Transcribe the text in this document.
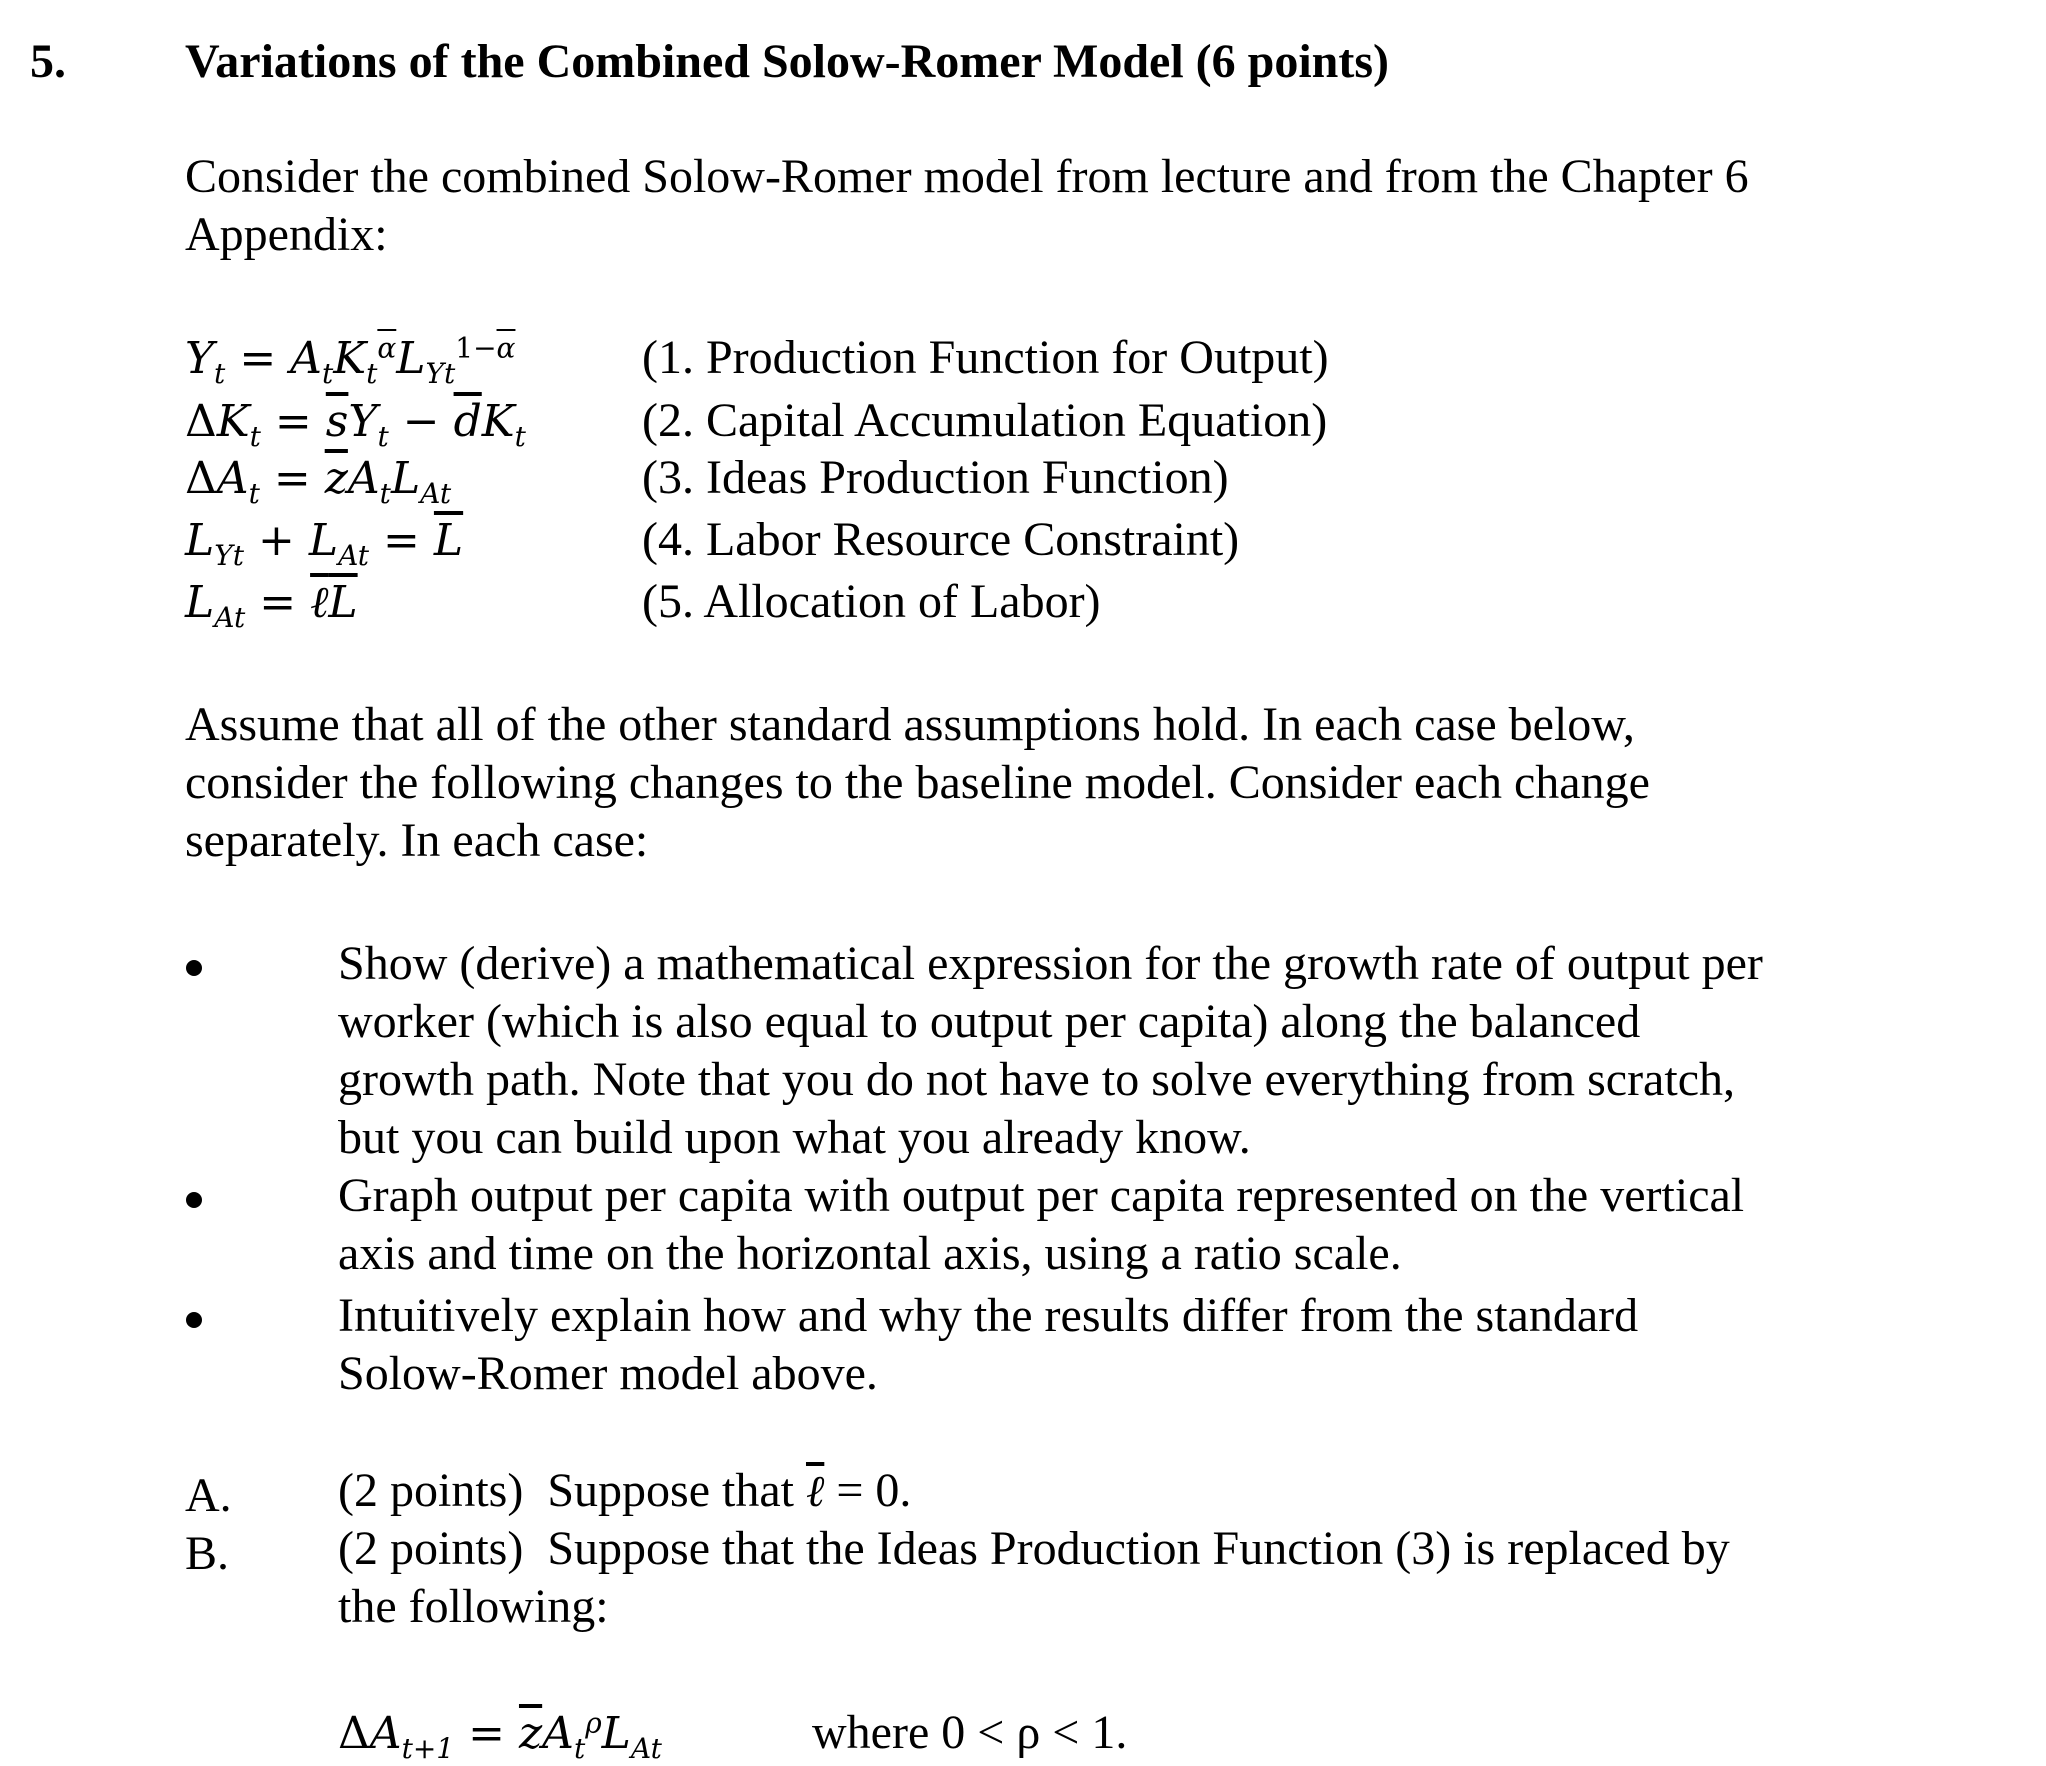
5. Variations of the Combined Solow-Romer Model (6 points)
Consider the combined Solow-Romer model from lecture and from the Chapter 6
Appendix:
$Y_t = A_tK_t^{\overline{\alpha}}L_{Yt}^{1-\overline{\alpha}}$	(1. Production Function for Output)
$\Delta K_t = \overline{s}Y_t - \overline{d}K_t$ (2. Capital Accumulation Equation)
$\Delta A_t = \overline{z}A_tL_{At}$	(3. Ideas Production Function)
$L_{Yt} + L_{At} = \overline{L}$	(4. Labor Resource Constraint)
$L_{At}$ = $\ell\overline{L}$	(5. Allocation of Labor)
Assume that all of the other standard assumptions hold. In each case below,
consider the following changes to the baseline model. Consider each change
separately. In each case:
Show (derive) a mathematical expression for the growth rate of output per
worker (which is also equal to output per capita) along the balanced
growth path. Note that you do not have to solve everything from scratch,
but you can build upon what you already know.
Graph output per capita with output per capita represented on the vertical
axis and time on the horizontal axis, using a ratio scale.
Intuitively explain how and why the results differ from the standard
Solow-Romer model above.
A. (2 points) Suppose that ℓ = 0.
B. (2 points) Suppose that the Ideas Production Function (3) is replaced by
the following:
$\Delta A_{t+1} = \overline{z}A_t^\rho L_{At}$	where 0 < ρ < 1.
